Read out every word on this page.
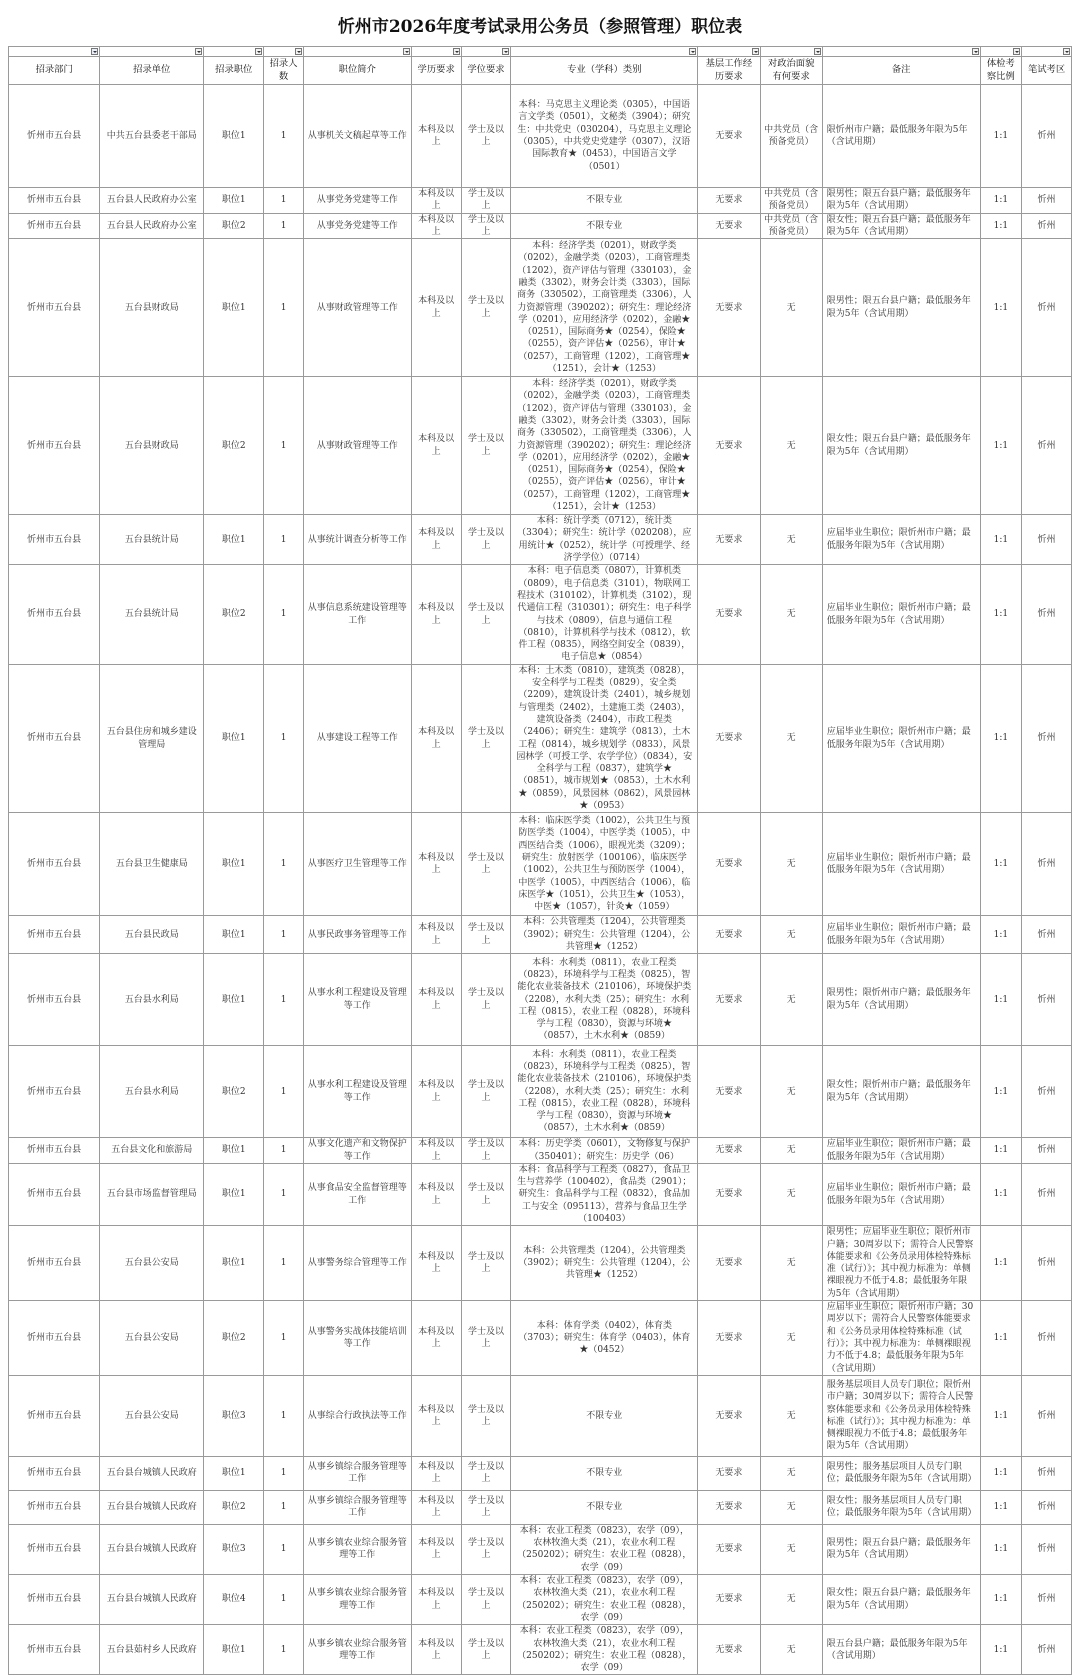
忻州市2026年度考试录用公务员（参照管理）职位表

招录部门	招录单位	招录职位	招录人数	职位简介	学历要求	学位要求	专业（学科）类别	基层工作经历要求	对政治面貌有何要求	备注	体检考察比例	笔试考区
忻州市五台县	中共五台县委老干部局	职位1	1	从事机关文稿起草等工作	本科及以上	学士及以上	本科：马克思主义理论类（0305），中国语言文学类（0501），文秘类（3904）；研究生：中共党史（030204），马克思主义理论（0305），中共党史党建学（0307），汉语国际教育★（0453），中国语言文学（0501）	无要求	中共党员（含预备党员）	限忻州市户籍；最低服务年限为5年（含试用期）	1:1	忻州
忻州市五台县	五台县人民政府办公室	职位1	1	从事党务党建等工作	本科及以上	学士及以上	不限专业	无要求	中共党员（含预备党员）	限男性；限五台县户籍；最低服务年限为5年（含试用期）	1:1	忻州
忻州市五台县	五台县人民政府办公室	职位2	1	从事党务党建等工作	本科及以上	学士及以上	不限专业	无要求	中共党员（含预备党员）	限女性；限五台县户籍；最低服务年限为5年（含试用期）	1:1	忻州
忻州市五台县	五台县财政局	职位1	1	从事财政管理等工作	本科及以上	学士及以上	本科：经济学类（0201），财政学类（0202），金融学类（0203），工商管理类（1202），资产评估与管理（330103），金融类（3302），财务会计类（3303），国际商务（330502），工商管理类（3306），人力资源管理（390202）；研究生：理论经济学（0201），应用经济学（0202），金融★（0251），国际商务★（0254），保险★（0255），资产评估★（0256），审计★（0257），工商管理（1202），工商管理★（1251），会计★（1253）	无要求	无	限男性；限五台县户籍；最低服务年限为5年（含试用期）	1:1	忻州
忻州市五台县	五台县财政局	职位2	1	从事财政管理等工作	本科及以上	学士及以上	本科：经济学类（0201），财政学类（0202），金融学类（0203），工商管理类（1202），资产评估与管理（330103），金融类（3302），财务会计类（3303），国际商务（330502），工商管理类（3306），人力资源管理（390202）；研究生：理论经济学（0201），应用经济学（0202），金融★（0251），国际商务★（0254），保险★（0255），资产评估★（0256），审计★（0257），工商管理（1202），工商管理★（1251），会计★（1253）	无要求	无	限女性；限五台县户籍；最低服务年限为5年（含试用期）	1:1	忻州
忻州市五台县	五台县统计局	职位1	1	从事统计调查分析等工作	本科及以上	学士及以上	本科：统计学类（0712），统计类（3304）；研究生：统计学（020208），应用统计★（0252），统计学（可授理学、经济学学位）（0714）	无要求	无	应届毕业生职位；限忻州市户籍；最低服务年限为5年（含试用期）	1:1	忻州
忻州市五台县	五台县统计局	职位2	1	从事信息系统建设管理等工作	本科及以上	学士及以上	本科：电子信息类（0807），计算机类（0809），电子信息类（3101），物联网工程技术（310102），计算机类（3102），现代通信工程（310301）；研究生：电子科学与技术（0809），信息与通信工程（0810），计算机科学与技术（0812），软件工程（0835），网络空间安全（0839），电子信息★（0854）	无要求	无	应届毕业生职位；限忻州市户籍；最低服务年限为5年（含试用期）	1:1	忻州
忻州市五台县	五台县住房和城乡建设管理局	职位1	1	从事建设工程等工作	本科及以上	学士及以上	本科：土木类（0810），建筑类（0828），安全科学与工程类（0829），安全类（2209），建筑设计类（2401），城乡规划与管理类（2402），土建施工类（2403），建筑设备类（2404），市政工程类（2406）；研究生：建筑学（0813），土木工程（0814），城乡规划学（0833），风景园林学（可授工学、农学学位）（0834），安全科学与工程（0837），建筑学★（0851），城市规划★（0853），土木水利★（0859），风景园林（0862），风景园林★（0953）	无要求	无	应届毕业生职位；限忻州市户籍；最低服务年限为5年（含试用期）	1:1	忻州
忻州市五台县	五台县卫生健康局	职位1	1	从事医疗卫生管理等工作	本科及以上	学士及以上	本科：临床医学类（1002），公共卫生与预防医学类（1004），中医学类（1005），中西医结合类（1006），眼视光类（3209）；研究生：放射医学（100106），临床医学（1002），公共卫生与预防医学（1004），中医学（1005），中西医结合（1006），临床医学★（1051），公共卫生★（1053），中医★（1057），针灸★（1059）	无要求	无	应届毕业生职位；限忻州市户籍；最低服务年限为5年（含试用期）	1:1	忻州
忻州市五台县	五台县民政局	职位1	1	从事民政事务管理等工作	本科及以上	学士及以上	本科：公共管理类（1204），公共管理类（3902）；研究生：公共管理（1204），公共管理★（1252）	无要求	无	应届毕业生职位；限忻州市户籍；最低服务年限为5年（含试用期）	1:1	忻州
忻州市五台县	五台县水利局	职位1	1	从事水利工程建设及管理等工作	本科及以上	学士及以上	本科：水利类（0811），农业工程类（0823），环境科学与工程类（0825），智能化农业装备技术（210106），环境保护类（2208），水利大类（25）；研究生：水利工程（0815），农业工程（0828），环境科学与工程（0830），资源与环境★（0857），土木水利★（0859）	无要求	无	限男性；限忻州市户籍；最低服务年限为5年（含试用期）	1:1	忻州
忻州市五台县	五台县水利局	职位2	1	从事水利工程建设及管理等工作	本科及以上	学士及以上	本科：水利类（0811），农业工程类（0823），环境科学与工程类（0825），智能化农业装备技术（210106），环境保护类（2208），水利大类（25）；研究生：水利工程（0815），农业工程（0828），环境科学与工程（0830），资源与环境★（0857），土木水利★（0859）	无要求	无	限女性；限忻州市户籍；最低服务年限为5年（含试用期）	1:1	忻州
忻州市五台县	五台县文化和旅游局	职位1	1	从事文化遗产和文物保护等工作	本科及以上	学士及以上	本科：历史学类（0601），文物修复与保护（350401）；研究生：历史学（06）	无要求	无	应届毕业生职位；限忻州市户籍；最低服务年限为5年（含试用期）	1:1	忻州
忻州市五台县	五台县市场监督管理局	职位1	1	从事食品安全监督管理等工作	本科及以上	学士及以上	本科：食品科学与工程类（0827），食品卫生与营养学（100402），食品类（2901）；研究生：食品科学与工程（0832），食品加工与安全（095113），营养与食品卫生学（100403）	无要求	无	应届毕业生职位；限忻州市户籍；最低服务年限为5年（含试用期）	1:1	忻州
忻州市五台县	五台县公安局	职位1	1	从事警务综合管理等工作	本科及以上	学士及以上	本科：公共管理类（1204），公共管理类（3902）；研究生：公共管理（1204），公共管理★（1252）	无要求	无	限男性；应届毕业生职位；限忻州市户籍；30周岁以下；需符合人民警察体能要求和《公务员录用体检特殊标准（试行）》；其中视力标准为：单侧裸眼视力不低于4.8；最低服务年限为5年（含试用期）	1:1	忻州
忻州市五台县	五台县公安局	职位2	1	从事警务实战体技能培训等工作	本科及以上	学士及以上	本科：体育学类（0402），体育类（3703）；研究生：体育学（0403），体育★（0452）	无要求	无	应届毕业生职位；限忻州市户籍；30周岁以下；需符合人民警察体能要求和《公务员录用体检特殊标准（试行）》；其中视力标准为：单侧裸眼视力不低于4.8；最低服务年限为5年（含试用期）	1:1	忻州
忻州市五台县	五台县公安局	职位3	1	从事综合行政执法等工作	本科及以上	学士及以上	不限专业	无要求	无	服务基层项目人员专门职位；限忻州市户籍；30周岁以下；需符合人民警察体能要求和《公务员录用体检特殊标准（试行）》；其中视力标准为：单侧裸眼视力不低于4.8；最低服务年限为5年（含试用期）	1:1	忻州
忻州市五台县	五台县台城镇人民政府	职位1	1	从事乡镇综合服务管理等工作	本科及以上	学士及以上	不限专业	无要求	无	限男性；服务基层项目人员专门职位；最低服务年限为5年（含试用期）	1:1	忻州
忻州市五台县	五台县台城镇人民政府	职位2	1	从事乡镇综合服务管理等工作	本科及以上	学士及以上	不限专业	无要求	无	限女性；服务基层项目人员专门职位；最低服务年限为5年（含试用期）	1:1	忻州
忻州市五台县	五台县台城镇人民政府	职位3	1	从事乡镇农业综合服务管理等工作	本科及以上	学士及以上	本科：农业工程类（0823），农学（09），农林牧渔大类（21），农业水利工程（250202）；研究生：农业工程（0828），农学（09）	无要求	无	限男性；限五台县户籍；最低服务年限为5年（含试用期）	1:1	忻州
忻州市五台县	五台县台城镇人民政府	职位4	1	从事乡镇农业综合服务管理等工作	本科及以上	学士及以上	本科：农业工程类（0823），农学（09），农林牧渔大类（21），农业水利工程（250202）；研究生：农业工程（0828），农学（09）	无要求	无	限女性；限五台县户籍；最低服务年限为5年（含试用期）	1:1	忻州
忻州市五台县	五台县茹村乡人民政府	职位1	1	从事乡镇农业综合服务管理等工作	本科及以上	学士及以上	本科：农业工程类（0823），农学（09），农林牧渔大类（21），农业水利工程（250202）；研究生：农业工程（0828），农学（09）	无要求	无	限五台县户籍；最低服务年限为5年（含试用期）	1:1	忻州
